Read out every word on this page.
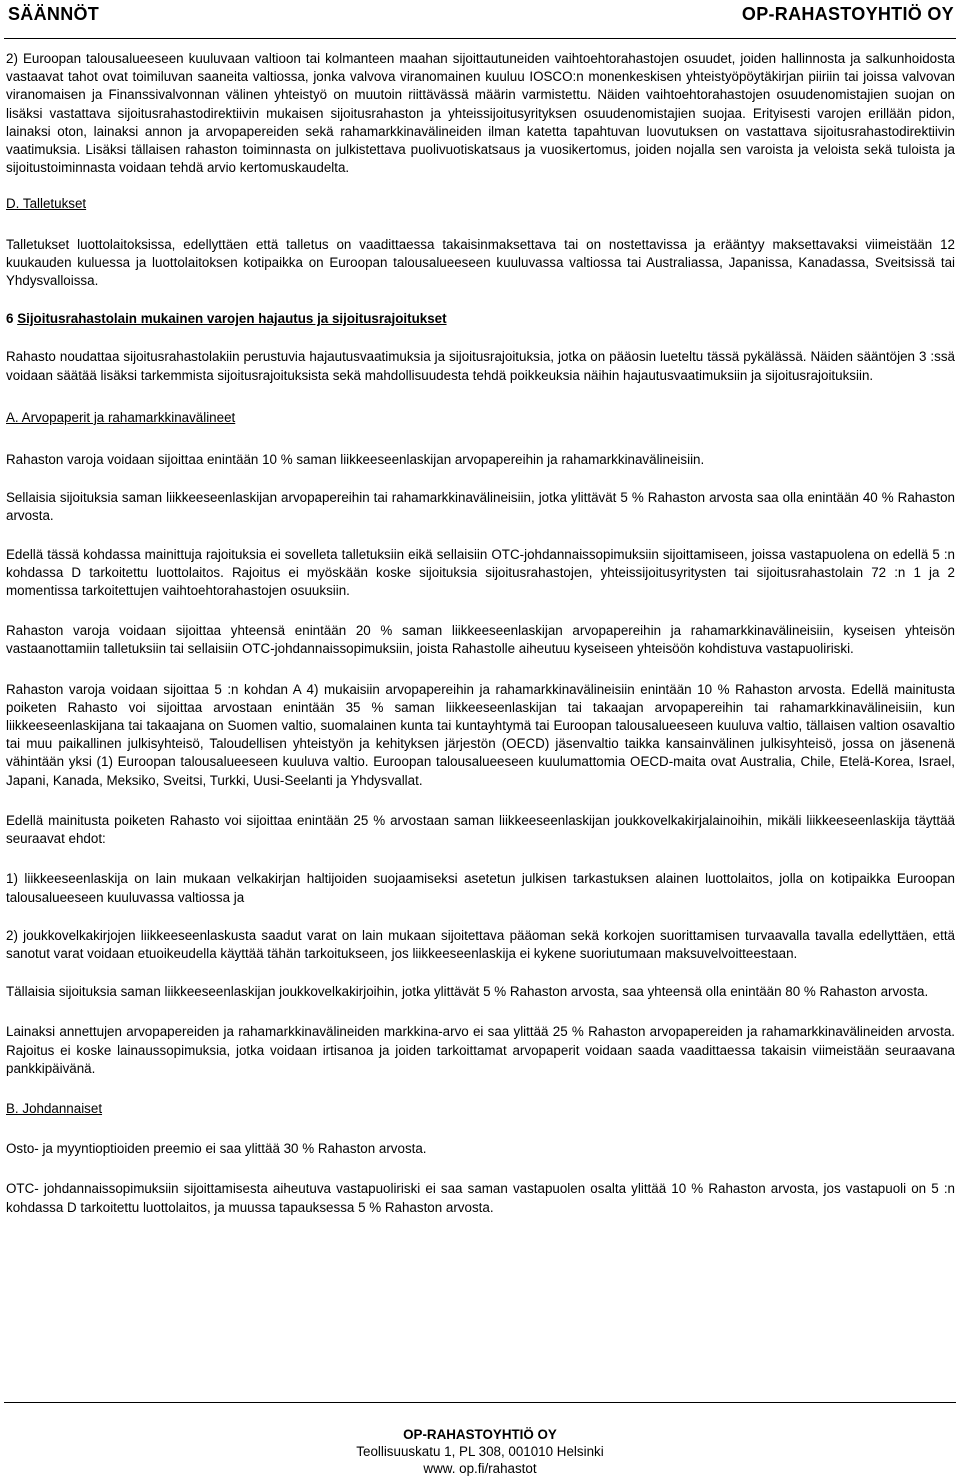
SÄÄNNÖT	OP-RAHASTOYHTIÖ OY

2) Euroopan talousalueeseen kuuluvaan valtioon tai kolmanteen maahan sijoittautuneiden vaihtoehtorahastojen osuudet, joiden hallinnosta ja salkunhoidosta vastaavat tahot ovat toimiluvan saaneita valtiossa, jonka valvova viranomainen kuuluu IOSCO:n monenkeskisen yhteistyöpöytäkirjan piiriin tai joissa valvovan viranomaisen ja Finanssivalvonnan välinen yhteistyö on muutoin riittävässä määrin varmistettu. Näiden vaihtoehtorahastojen osuudenomistajien suojan on lisäksi vastattava sijoitusrahastodirektiivin mukaisen sijoitusrahaston ja yhteissijoitusyrityksen osuudenomistajien suojaa. Erityisesti varojen erillään pidon, lainaksi oton, lainaksi annon ja arvopapereiden sekä rahamarkkinavälineiden ilman katetta tapahtuvan luovutuksen on vastattava sijoitusrahastodirektiivin vaatimuksia. Lisäksi tällaisen rahaston toiminnasta on julkistettava puolivuotiskatsaus ja vuosikertomus, joiden nojalla sen varoista ja veloista sekä tuloista ja sijoitustoiminnasta voidaan tehdä arvio kertomuskaudelta.

D. Talletukset

Talletukset luottolaitoksissa, edellyttäen että talletus on vaadittaessa takaisinmaksettava tai on nostettavissa ja erääntyy maksettavaksi viimeistään 12 kuukauden kuluessa ja luottolaitoksen kotipaikka on Euroopan talousalueeseen kuuluvassa valtiossa tai Australiassa, Japanissa, Kanadassa, Sveitsissä tai Yhdysvalloissa.

6 Sijoitusrahastolain mukainen varojen hajautus ja sijoitusrajoitukset

Rahasto noudattaa sijoitusrahastolakiin perustuvia hajautusvaatimuksia ja sijoitusrajoituksia, jotka on pääosin lueteltu tässä pykälässä. Näiden sääntöjen 3 :ssä voidaan säätää lisäksi tarkemmista sijoitusrajoituksista sekä mahdollisuudesta tehdä poikkeuksia näihin hajautusvaatimuksiin ja sijoitusrajoituksiin.

A. Arvopaperit ja rahamarkkinavälineet

Rahaston varoja voidaan sijoittaa enintään 10 % saman liikkeeseenlaskijan arvopapereihin ja rahamarkkinavälineisiin.

Sellaisia sijoituksia saman liikkeeseenlaskijan arvopapereihin tai rahamarkkinavälineisiin, jotka ylittävät 5 % Rahaston arvosta saa olla enintään 40 % Rahaston arvosta.

Edellä tässä kohdassa mainittuja rajoituksia ei sovelleta talletuksiin eikä sellaisiin OTC-johdannaissopimuksiin sijoittamiseen, joissa vastapuolena on edellä 5 :n kohdassa D tarkoitettu luottolaitos. Rajoitus ei myöskään koske sijoituksia sijoitusrahastojen, yhteissijoitusyritysten tai sijoitusrahastolain 72 :n 1 ja 2 momentissa tarkoitettujen vaihtoehtorahastojen osuuksiin.

Rahaston varoja voidaan sijoittaa yhteensä enintään 20 % saman liikkeeseenlaskijan arvopapereihin ja rahamarkkinavälineisiin, kyseisen yhteisön vastaanottamiin talletuksiin tai sellaisiin OTC-johdannaissopimuksiin, joista Rahastolle aiheutuu kyseiseen yhteisöön kohdistuva vastapuoliriski.

Rahaston varoja voidaan sijoittaa 5 :n kohdan A 4) mukaisiin arvopapereihin ja rahamarkkinavälineisiin enintään 10 % Rahaston arvosta. Edellä mainitusta poiketen Rahasto voi sijoittaa arvostaan enintään 35 % saman liikkeeseenlaskijan tai takaajan arvopapereihin tai rahamarkkinavälineisiin, kun liikkeeseenlaskijana tai takaajana on Suomen valtio, suomalainen kunta tai kuntayhtymä tai Euroopan talousalueeseen kuuluva valtio, tällaisen valtion osavaltio tai muu paikallinen julkisyhteisö, Taloudellisen yhteistyön ja kehityksen järjestön (OECD) jäsenvaltio taikka kansainvälinen julkisyhteisö, jossa on jäsenenä vähintään yksi (1) Euroopan talousalueeseen kuuluva valtio. Euroopan talousalueeseen kuulumattomia OECD-maita ovat Australia, Chile, Etelä-Korea, Israel, Japani, Kanada, Meksiko, Sveitsi, Turkki, Uusi-Seelanti ja Yhdysvallat.

Edellä mainitusta poiketen Rahasto voi sijoittaa enintään 25 % arvostaan saman liikkeeseenlaskijan joukkovelkakirjalainoihin, mikäli liikkeeseenlaskija täyttää seuraavat ehdot:

1) liikkeeseenlaskija on lain mukaan velkakirjan haltijoiden suojaamiseksi asetetun julkisen tarkastuksen alainen luottolaitos, jolla on kotipaikka Euroopan talousalueeseen kuuluvassa valtiossa ja

2) joukkovelkakirjojen liikkeeseenlaskusta saadut varat on lain mukaan sijoitettava pääoman sekä korkojen suorittamisen turvaavalla tavalla edellyttäen, että sanotut varat voidaan etuoikeudella käyttää tähän tarkoitukseen, jos liikkeeseenlaskija ei kykene suoriutumaan maksuvelvoitteestaan.

Tällaisia sijoituksia saman liikkeeseenlaskijan joukkovelkakirjoihin, jotka ylittävät 5 % Rahaston arvosta, saa yhteensä olla enintään 80 % Rahaston arvosta.

Lainaksi annettujen arvopapereiden ja rahamarkkinavälineiden markkina-arvo ei saa ylittää 25 % Rahaston arvopapereiden ja rahamarkkinavälineiden arvosta. Rajoitus ei koske lainaussopimuksia, jotka voidaan irtisanoa ja joiden tarkoittamat arvopaperit voidaan saada vaadittaessa takaisin viimeistään seuraavana pankkipäivänä.

B. Johdannaiset

Osto- ja myyntioptioiden preemio ei saa ylittää 30 % Rahaston arvosta.

OTC- johdannaissopimuksiin sijoittamisesta aiheutuva vastapuoliriski ei saa saman vastapuolen osalta ylittää 10 % Rahaston arvosta, jos vastapuoli on 5 :n kohdassa D tarkoitettu luottolaitos, ja muussa tapauksessa 5 % Rahaston arvosta.

OP-RAHASTOYHTIÖ OY
Teollisuuskatu 1, PL 308, 001010 Helsinki
www. op.fi/rahastot
